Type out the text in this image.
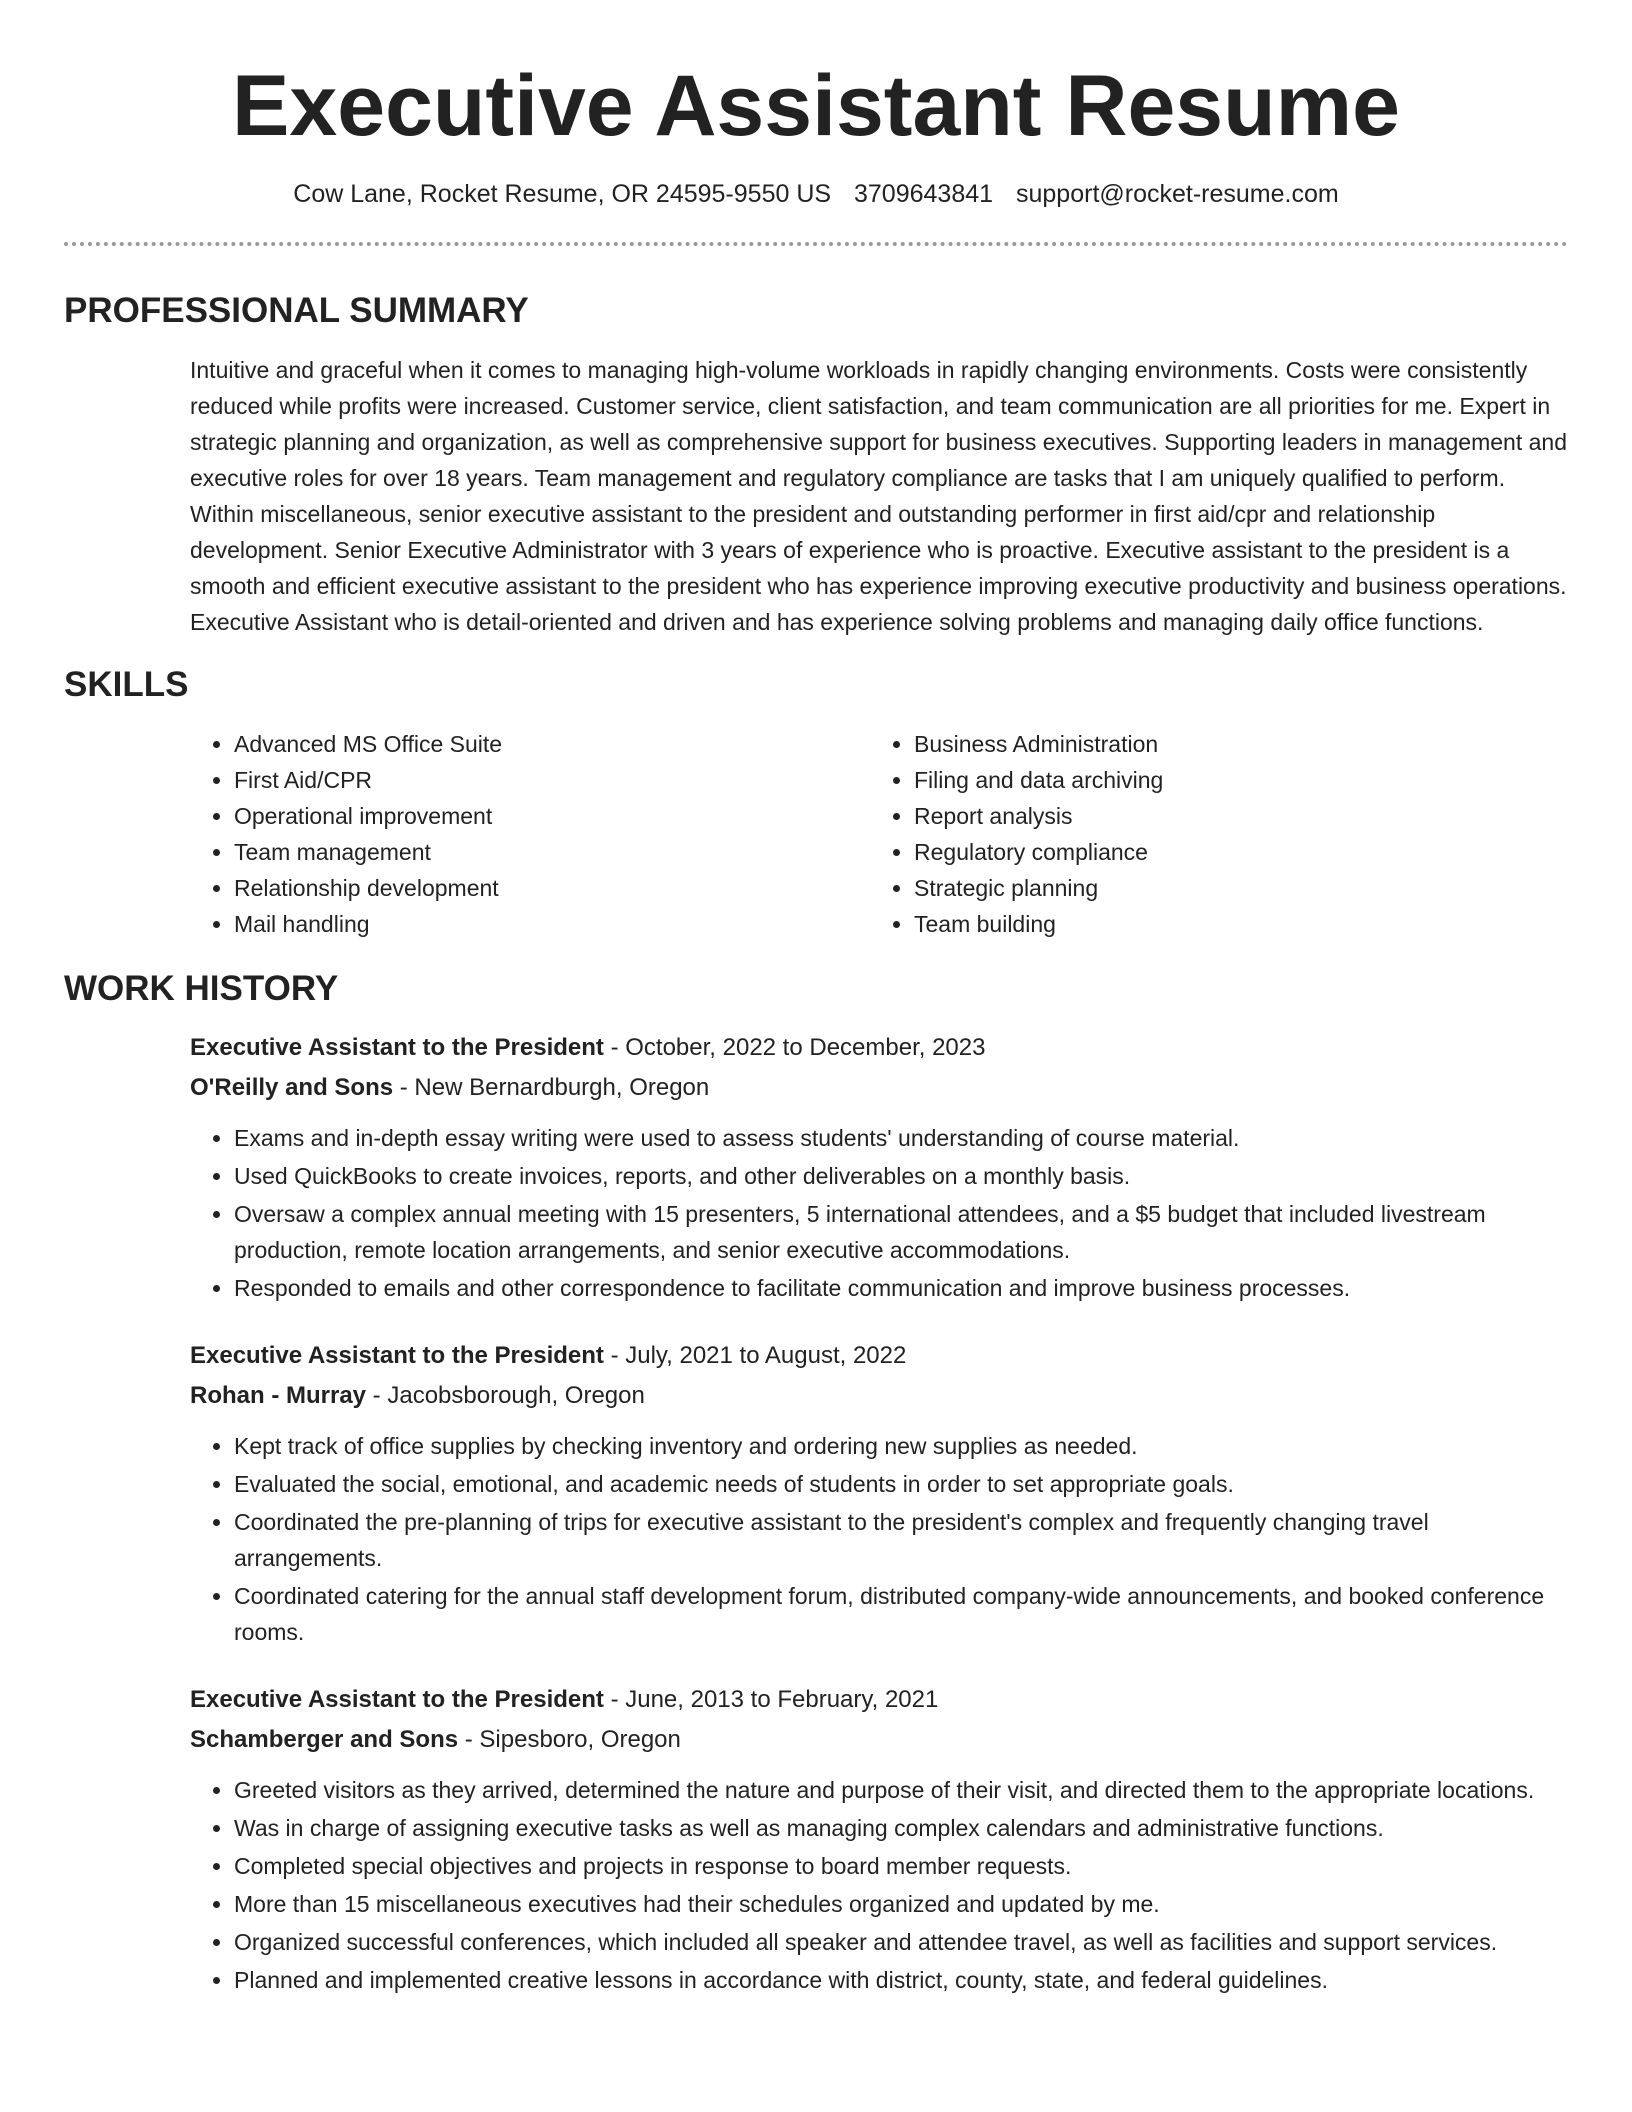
Executive Assistant Resume
Cow Lane, Rocket Resume, OR 24595-9550 US 3709643841 support@rocket-resume.com
PROFESSIONAL SUMMARY
Intuitive and graceful when it comes to managing high-volume workloads in rapidly changing environments. Costs were consistently reduced while profits were increased. Customer service, client satisfaction, and team communication are all priorities for me. Expert in strategic planning and organization, as well as comprehensive support for business executives. Supporting leaders in management and executive roles for over 18 years. Team management and regulatory compliance are tasks that I am uniquely qualified to perform. Within miscellaneous, senior executive assistant to the president and outstanding performer in first aid/cpr and relationship development. Senior Executive Administrator with 3 years of experience who is proactive. Executive assistant to the president is a smooth and efficient executive assistant to the president who has experience improving executive productivity and business operations. Executive Assistant who is detail-oriented and driven and has experience solving problems and managing daily office functions.
SKILLS
• Advanced MS Office Suite
• First Aid/CPR
• Operational improvement
• Team management
• Relationship development
• Mail handling
• Business Administration
• Filing and data archiving
• Report analysis
• Regulatory compliance
• Strategic planning
• Team building
WORK HISTORY
Executive Assistant to the President - October, 2022 to December, 2023
O'Reilly and Sons - New Bernardburgh, Oregon
• Exams and in-depth essay writing were used to assess students' understanding of course material.
• Used QuickBooks to create invoices, reports, and other deliverables on a monthly basis.
• Oversaw a complex annual meeting with 15 presenters, 5 international attendees, and a $5 budget that included livestream production, remote location arrangements, and senior executive accommodations.
• Responded to emails and other correspondence to facilitate communication and improve business processes.
Executive Assistant to the President - July, 2021 to August, 2022
Rohan - Murray - Jacobsborough, Oregon
• Kept track of office supplies by checking inventory and ordering new supplies as needed.
• Evaluated the social, emotional, and academic needs of students in order to set appropriate goals.
• Coordinated the pre-planning of trips for executive assistant to the president's complex and frequently changing travel arrangements.
• Coordinated catering for the annual staff development forum, distributed company-wide announcements, and booked conference rooms.
Executive Assistant to the President - June, 2013 to February, 2021
Schamberger and Sons - Sipesboro, Oregon
• Greeted visitors as they arrived, determined the nature and purpose of their visit, and directed them to the appropriate locations.
• Was in charge of assigning executive tasks as well as managing complex calendars and administrative functions.
• Completed special objectives and projects in response to board member requests.
• More than 15 miscellaneous executives had their schedules organized and updated by me.
• Organized successful conferences, which included all speaker and attendee travel, as well as facilities and support services.
• Planned and implemented creative lessons in accordance with district, county, state, and federal guidelines.
